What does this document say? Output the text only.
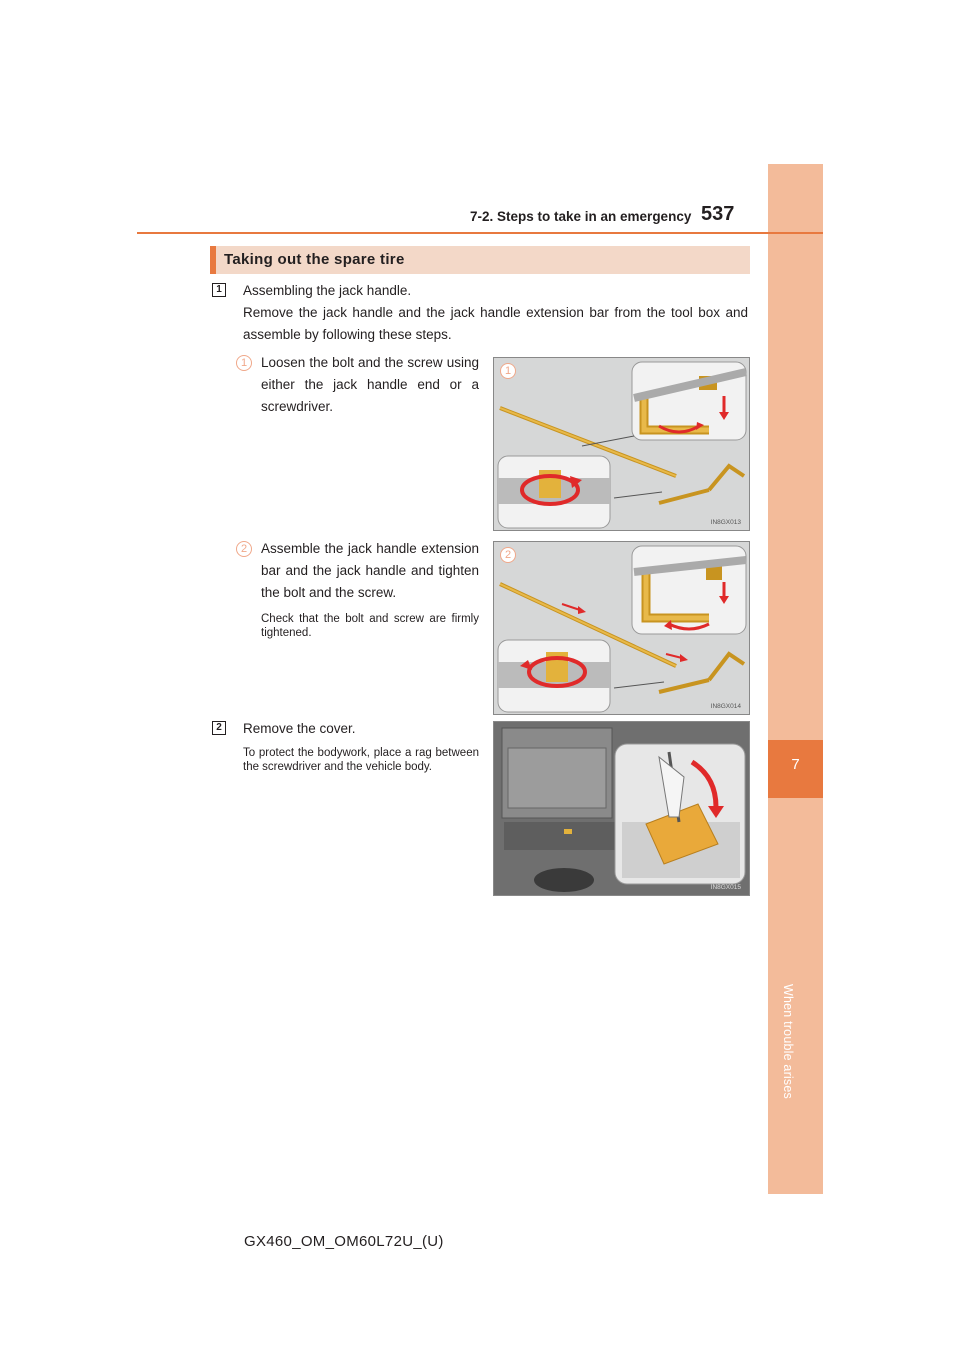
When trouble arises
7
7-2. Steps to take in an emergency 537
Taking out the spare tire
1	Assembling the jack handle.
Remove the jack handle and the jack handle extension bar from the tool box and assemble by following these steps.
1	Loosen the bolt and the screw using either the jack handle end or a screwdriver.
1
IN8GX013
2	Assemble the jack handle extension bar and the jack handle and tighten the bolt and the screw.
Check that the bolt and screw are firmly tightened.
2
IN8GX014
2	Remove the cover.
To protect the bodywork, place a rag between the screwdriver and the vehicle body.
IN8GX015
GX460_OM_OM60L72U_(U)
